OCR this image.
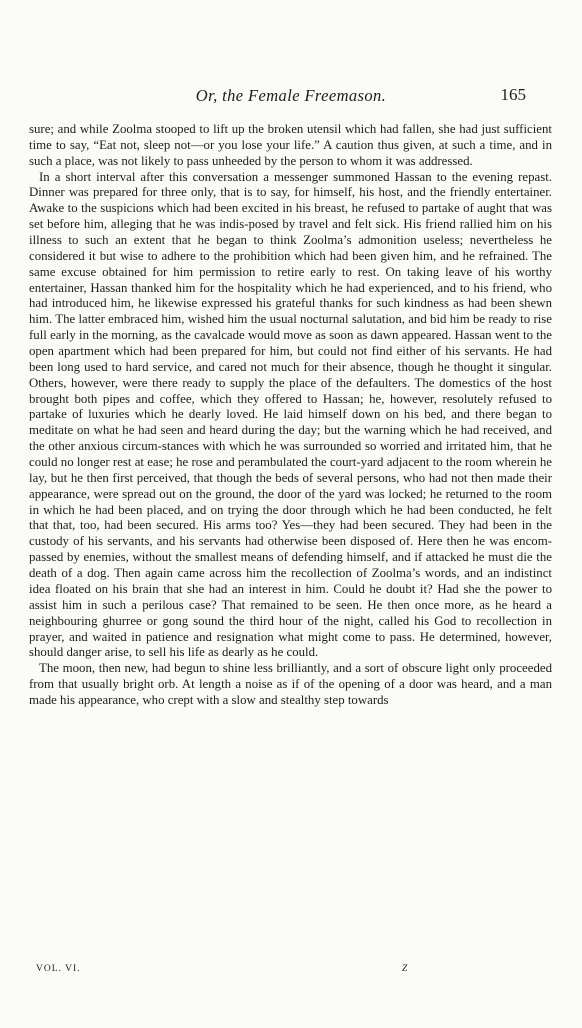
Or, the Female Freemason.	165

sure; and while Zoolma stooped to lift up the broken utensil which had fallen, she had just sufficient time to say, “Eat not, sleep not—or you lose your life.” A caution thus given, at such a time, and in such a place, was not likely to pass unheeded by the person to whom it was addressed.

In a short interval after this conversation a messenger summoned Hassan to the evening repast. Dinner was prepared for three only, that is to say, for himself, his host, and the friendly entertainer. Awake to the suspicions which had been excited in his breast, he refused to partake of aught that was set before him, alleging that he was indis-posed by travel and felt sick. His friend rallied him on his illness to such an extent that he began to think Zoolma’s admonition useless; nevertheless he considered it but wise to adhere to the prohibition which had been given him, and he refrained. The same excuse obtained for him permission to retire early to rest. On taking leave of his worthy entertainer, Hassan thanked him for the hospitality which he had experienced, and to his friend, who had introduced him, he likewise expressed his grateful thanks for such kindness as had been shewn him. The latter embraced him, wished him the usual nocturnal salutation, and bid him be ready to rise full early in the morning, as the cavalcade would move as soon as dawn appeared. Hassan went to the open apartment which had been prepared for him, but could not find either of his servants. He had been long used to hard service, and cared not much for their absence, though he thought it singular. Others, however, were there ready to supply the place of the defaulters. The domestics of the host brought both pipes and coffee, which they offered to Hassan; he, however, resolutely refused to partake of luxuries which he dearly loved. He laid himself down on his bed, and there began to meditate on what he had seen and heard during the day; but the warning which he had received, and the other anxious circum-stances with which he was surrounded so worried and irritated him, that he could no longer rest at ease; he rose and perambulated the court-yard adjacent to the room wherein he lay, but he then first perceived, that though the beds of several persons, who had not then made their appearance, were spread out on the ground, the door of the yard was locked; he returned to the room in which he had been placed, and on trying the door through which he had been conducted, he felt that that, too, had been secured. His arms too? Yes—they had been secured. They had been in the custody of his servants, and his servants had otherwise been disposed of. Here then he was encom-passed by enemies, without the smallest means of defending himself, and if attacked he must die the death of a dog. Then again came across him the recollection of Zoolma’s words, and an indistinct idea floated on his brain that she had an interest in him. Could he doubt it? Had she the power to assist him in such a perilous case? That remained to be seen. He then once more, as he heard a neighbouring ghurree or gong sound the third hour of the night, called his God to recollection in prayer, and waited in patience and resignation what might come to pass. He determined, however, should danger arise, to sell his life as dearly as he could.

The moon, then new, had begun to shine less brilliantly, and a sort of obscure light only proceeded from that usually bright orb. At length a noise as if of the opening of a door was heard, and a man made his appearance, who crept with a slow and stealthy step towards

VOL. VI.	Z
